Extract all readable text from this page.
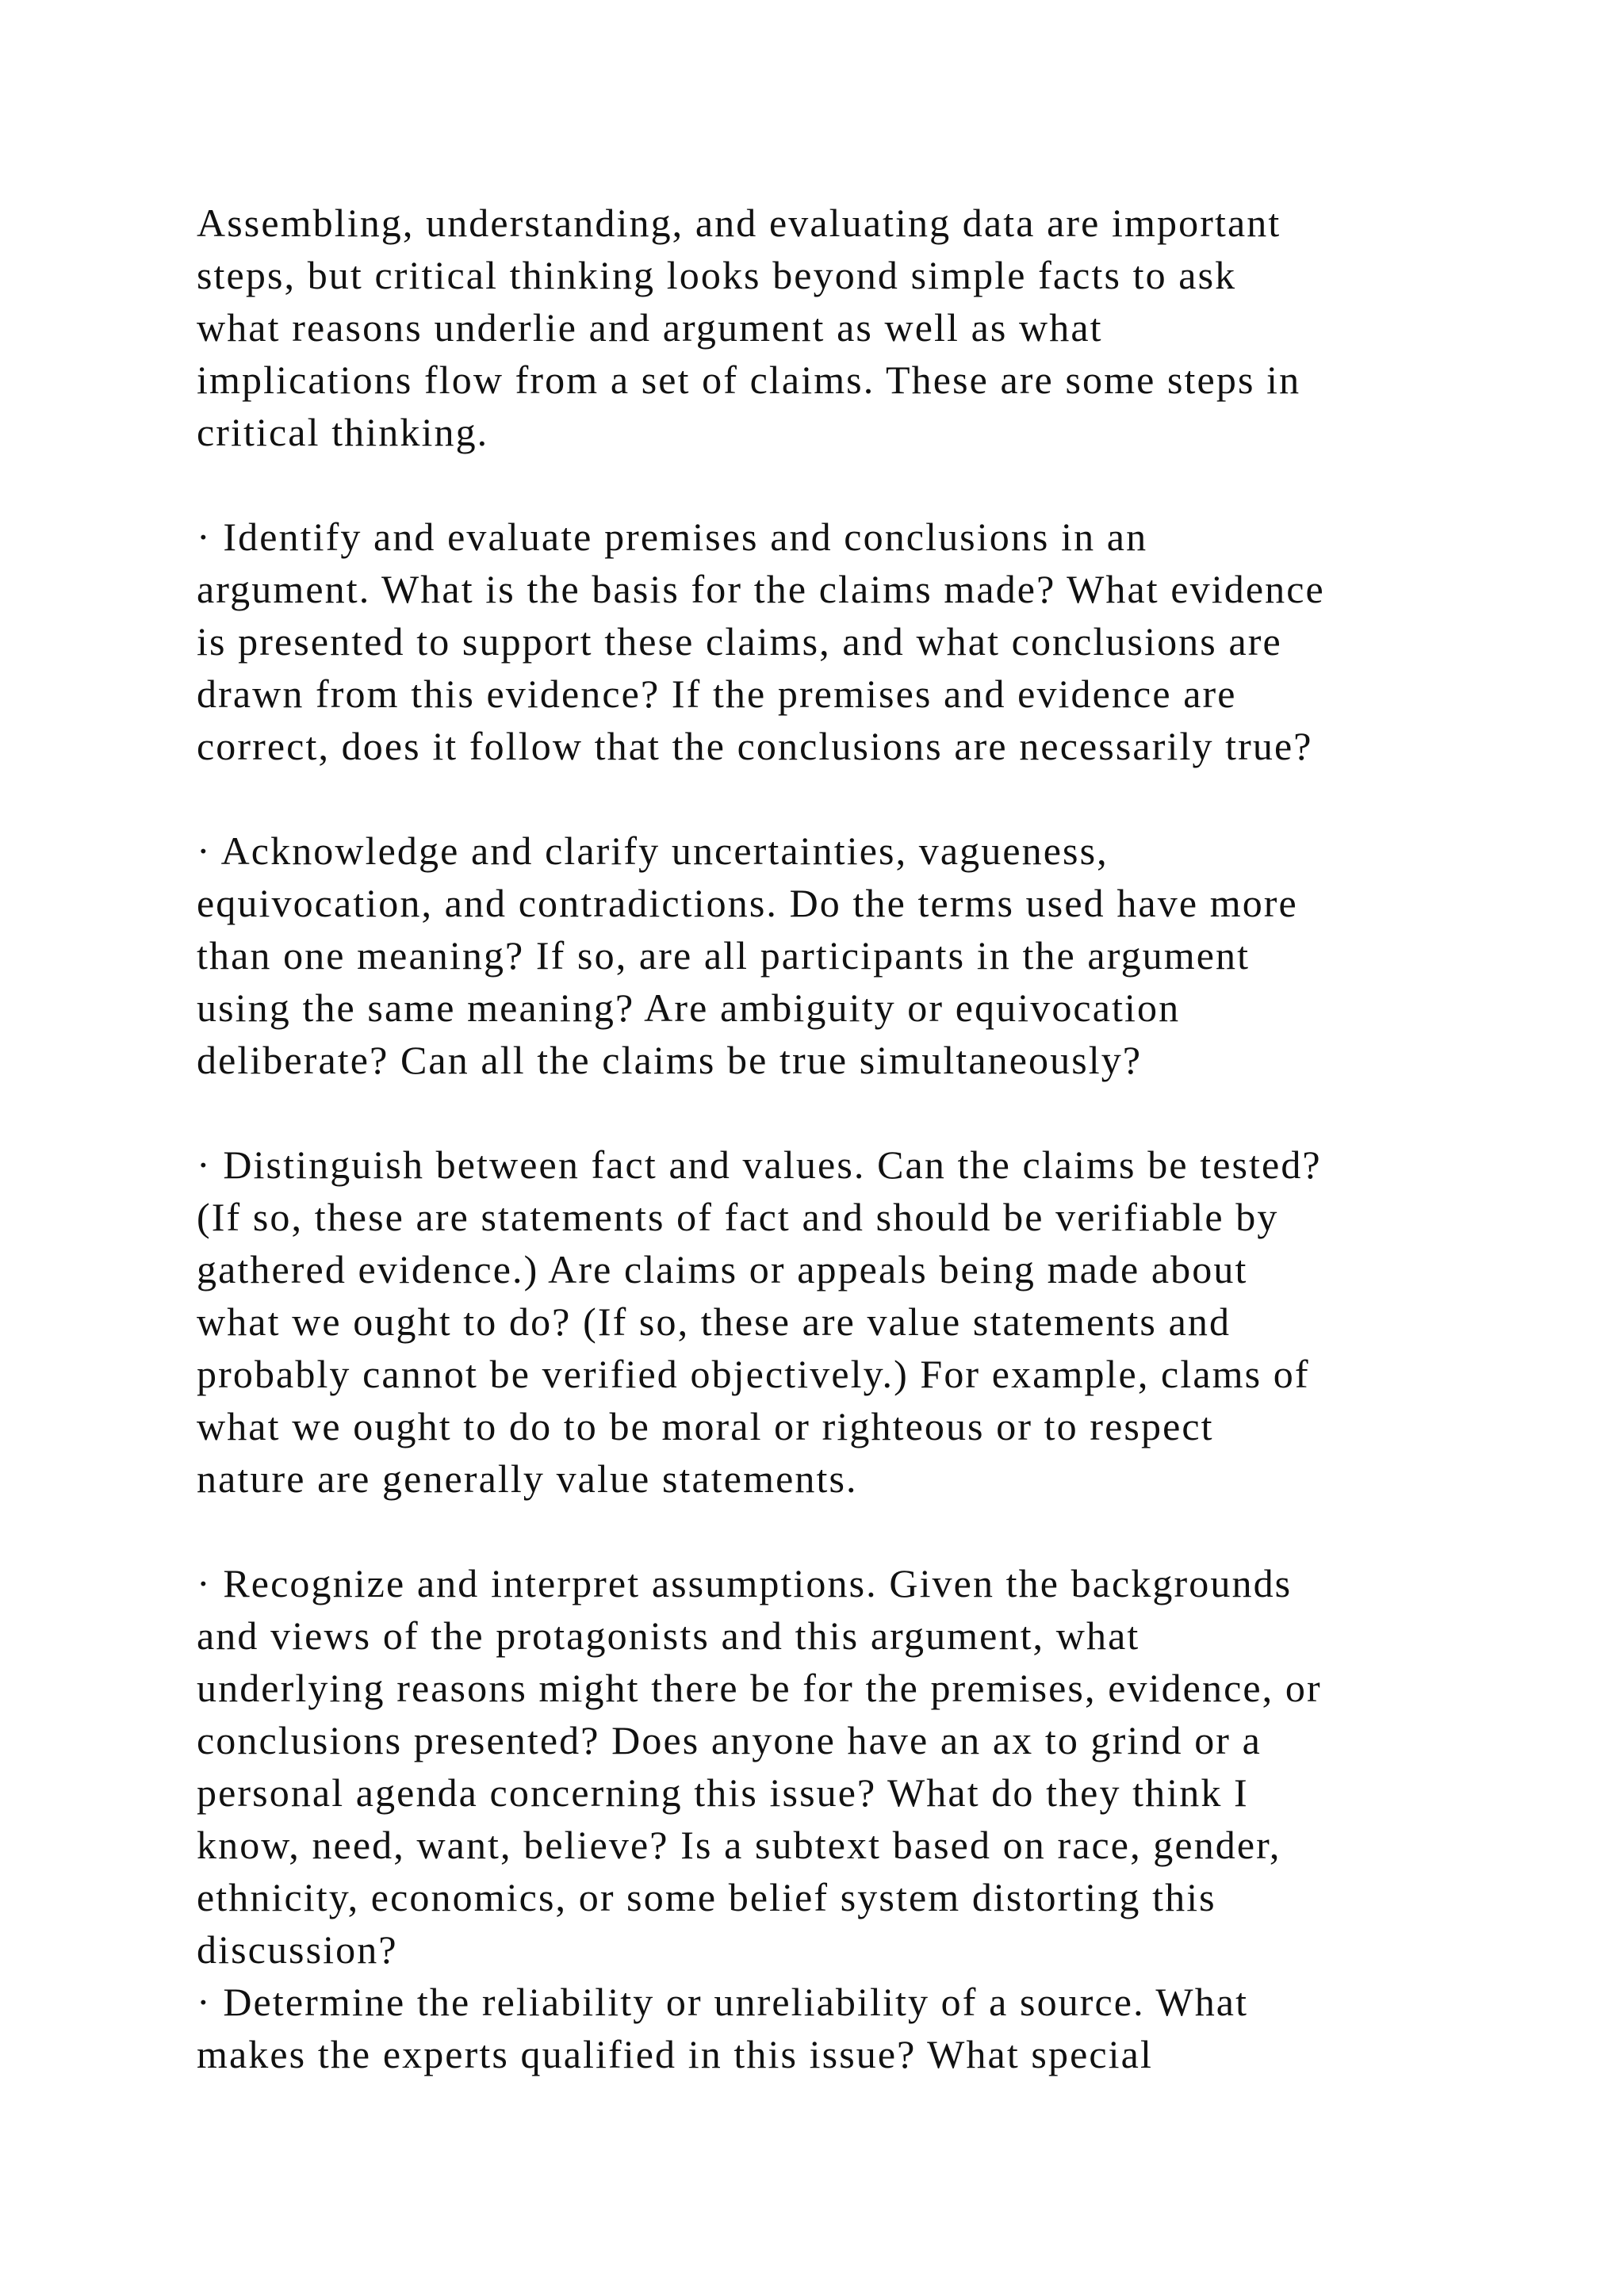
Assembling, understanding, and evaluating data are important
steps, but critical thinking looks beyond simple facts to ask
what reasons underlie and argument as well as what
implications flow from a set of claims. These are some steps in
critical thinking.
· Identify and evaluate premises and conclusions in an
argument. What is the basis for the claims made? What evidence
is presented to support these claims, and what conclusions are
drawn from this evidence? If the premises and evidence are
correct, does it follow that the conclusions are necessarily true?
· Acknowledge and clarify uncertainties, vagueness,
equivocation, and contradictions. Do the terms used have more
than one meaning? If so, are all participants in the argument
using the same meaning? Are ambiguity or equivocation
deliberate? Can all the claims be true simultaneously?
· Distinguish between fact and values. Can the claims be tested?
(If so, these are statements of fact and should be verifiable by
gathered evidence.) Are claims or appeals being made about
what we ought to do? (If so, these are value statements and
probably cannot be verified objectively.) For example, clams of
what we ought to do to be moral or righteous or to respect
nature are generally value statements.
· Recognize and interpret assumptions. Given the backgrounds
and views of the protagonists and this argument, what
underlying reasons might there be for the premises, evidence, or
conclusions presented? Does anyone have an ax to grind or a
personal agenda concerning this issue? What do they think I
know, need, want, believe? Is a subtext based on race, gender,
ethnicity, economics, or some belief system distorting this
discussion?
· Determine the reliability or unreliability of a source. What
makes the experts qualified in this issue? What special
